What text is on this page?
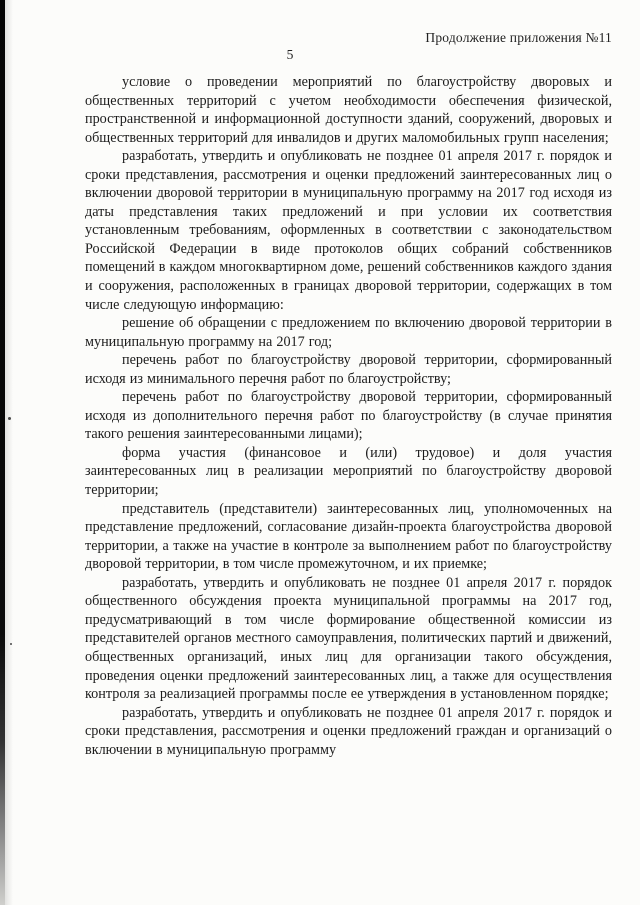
Продолжение приложения №11
5

условие о проведении мероприятий по благоустройству дворовых и общественных территорий с учетом необходимости обеспечения физической, пространственной и информационной доступности зданий, сооружений, дворовых и общественных территорий для инвалидов и других маломобильных групп населения;

разработать, утвердить и опубликовать не позднее 01 апреля 2017 г. порядок и сроки представления, рассмотрения и оценки предложений заинтересованных лиц о включении дворовой территории в муниципальную программу на 2017 год исходя из даты представления таких предложений и при условии их соответствия установленным требованиям, оформленных в соответствии с законодательством Российской Федерации в виде протоколов общих собраний собственников помещений в каждом многоквартирном доме, решений собственников каждого здания и сооружения, расположенных в границах дворовой территории, содержащих в том числе следующую информацию:

решение об обращении с предложением по включению дворовой территории в муниципальную программу на 2017 год;

перечень работ по благоустройству дворовой территории, сформированный исходя из минимального перечня работ по благоустройству;

перечень работ по благоустройству дворовой территории, сформированный исходя из дополнительного перечня работ по благоустройству (в случае принятия такого решения заинтересованными лицами);

форма участия (финансовое и (или) трудовое) и доля участия заинтересованных лиц в реализации мероприятий по благоустройству дворовой территории;

представитель (представители) заинтересованных лиц, уполномоченных на представление предложений, согласование дизайн-проекта благоустройства дворовой территории, а также на участие в контроле за выполнением работ по благоустройству дворовой территории, в том числе промежуточном, и их приемке;

разработать, утвердить и опубликовать не позднее 01 апреля 2017 г. порядок общественного обсуждения проекта муниципальной программы на 2017 год, предусматривающий в том числе формирование общественной комиссии из представителей органов местного самоуправления, политических партий и движений, общественных организаций, иных лиц для организации такого обсуждения, проведения оценки предложений заинтересованных лиц, а также для осуществления контроля за реализацией программы после ее утверждения в установленном порядке;

разработать, утвердить и опубликовать не позднее 01 апреля 2017 г. порядок и сроки представления, рассмотрения и оценки предложений граждан и организаций о включении в муниципальную программу
